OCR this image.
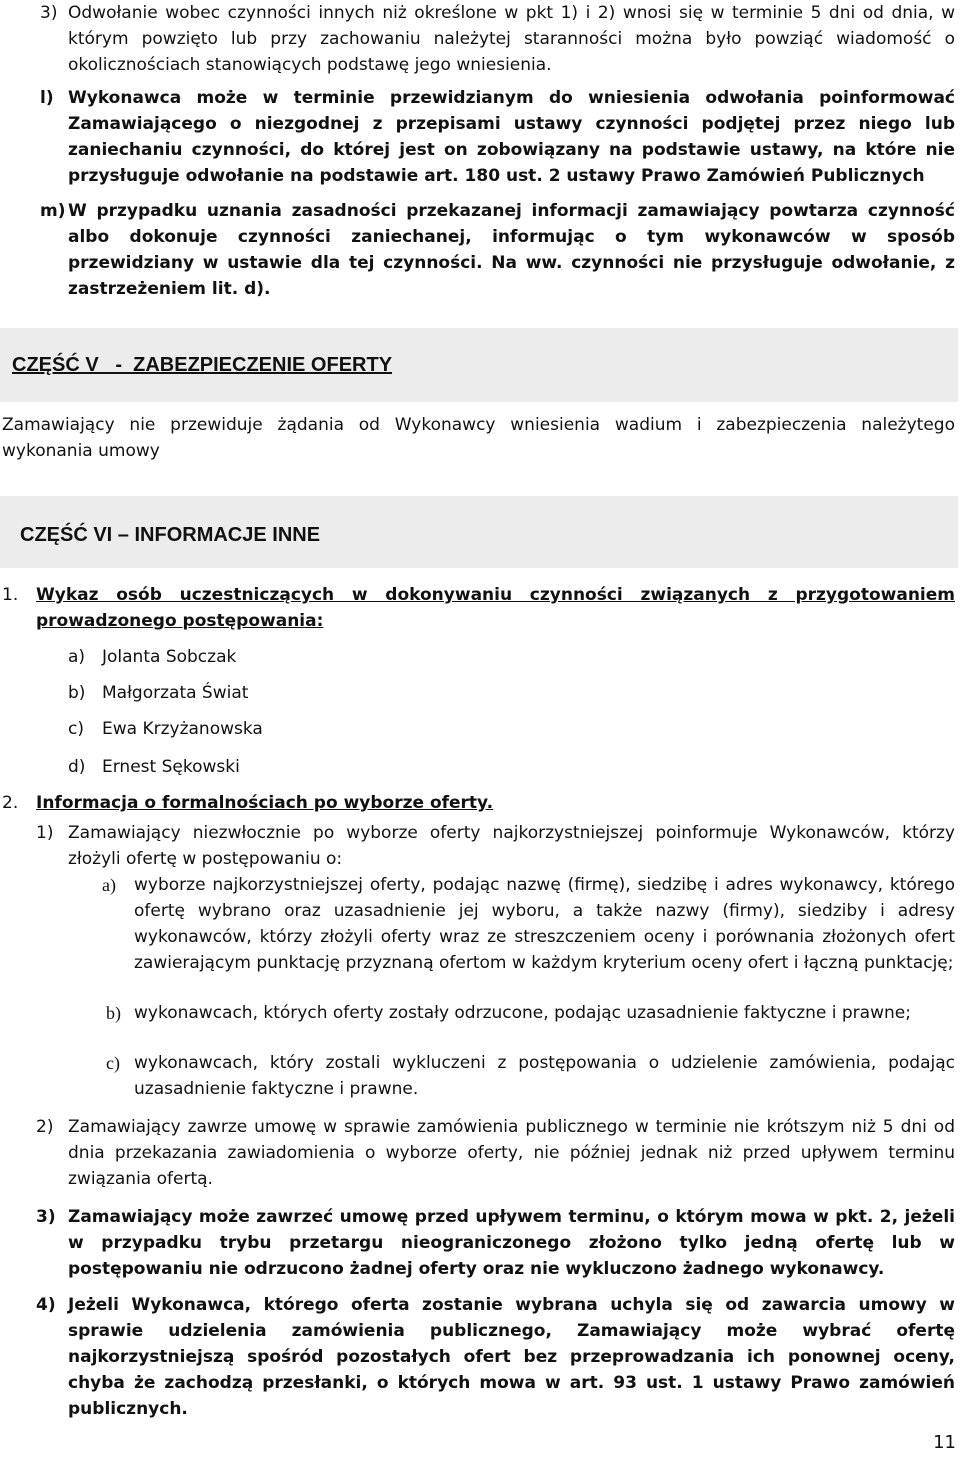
3) Odwołanie wobec czynności innych niż określone w pkt 1) i 2) wnosi się w terminie 5 dni od dnia, w którym powzięto lub przy zachowaniu należytej staranności można było powziąć wiadomość o okolicznościach stanowiących podstawę jego wniesienia.
l) Wykonawca może w terminie przewidzianym do wniesienia odwołania poinformować Zamawiającego o niezgodnej z przepisami ustawy czynności podjętej przez niego lub zaniechaniu czynności, do której jest on zobowiązany na podstawie ustawy, na które nie przysługuje odwołanie na podstawie art. 180 ust. 2 ustawy Prawo Zamówień Publicznych
m) W przypadku uznania zasadności przekazanej informacji zamawiający powtarza czynność albo dokonuje czynności zaniechanej, informując o tym wykonawców w sposób przewidziany w ustawie dla tej czynności. Na ww. czynności nie przysługuje odwołanie, z zastrzeżeniem lit. d).
CZĘŚĆ V   -  ZABEZPIECZENIE OFERTY
Zamawiający nie przewiduje żądania od Wykonawcy wniesienia wadium i zabezpieczenia należytego wykonania umowy
CZĘŚĆ VI – INFORMACJE INNE
1. Wykaz osób uczestniczących w dokonywaniu czynności związanych z przygotowaniem prowadzonego postępowania:
a) Jolanta Sobczak
b) Małgorzata Świat
c) Ewa Krzyżanowska
d) Ernest Sękowski
2. Informacja o formalnościach po wyborze oferty.
1) Zamawiający niezwłocznie po wyborze oferty najkorzystniejszej poinformuje Wykonawców, którzy złożyli ofertę w postępowaniu o:
a) wyborze najkorzystniejszej oferty, podając nazwę (firmę), siedzibę i adres wykonawcy, którego ofertę wybrano oraz uzasadnienie jej wyboru, a także nazwy (firmy), siedziby i adresy wykonawców, którzy złożyli oferty wraz ze streszczeniem oceny i porównania złożonych ofert zawierającym punktację przyznaną ofertom w każdym kryterium oceny ofert i łączną punktację;
b) wykonawcach, których oferty zostały odrzucone, podając uzasadnienie faktyczne i prawne;
c) wykonawcach, który zostali wykluczeni z postępowania o udzielenie zamówienia, podając uzasadnienie faktyczne i prawne.
2) Zamawiający zawrze umowę w sprawie zamówienia publicznego w terminie nie krótszym niż 5 dni od dnia przekazania zawiadomienia o wyborze oferty, nie później jednak niż przed upływem terminu związania ofertą.
3) Zamawiający może zawrzeć umowę przed upływem terminu, o którym mowa w pkt. 2, jeżeli w przypadku trybu przetargu nieograniczonego złożono tylko jedną ofertę lub w postępowaniu nie odrzucono żadnej oferty oraz nie wykluczono żadnego wykonawcy.
4) Jeżeli Wykonawca, którego oferta zostanie wybrana uchyla się od zawarcia umowy w sprawie udzielenia zamówienia publicznego, Zamawiający może wybrać ofertę najkorzystniejszą spośród pozostałych ofert bez przeprowadzania ich ponownej oceny, chyba że zachodzą przesłanki, o których mowa w art. 93 ust. 1 ustawy Prawo zamówień publicznych.
11
